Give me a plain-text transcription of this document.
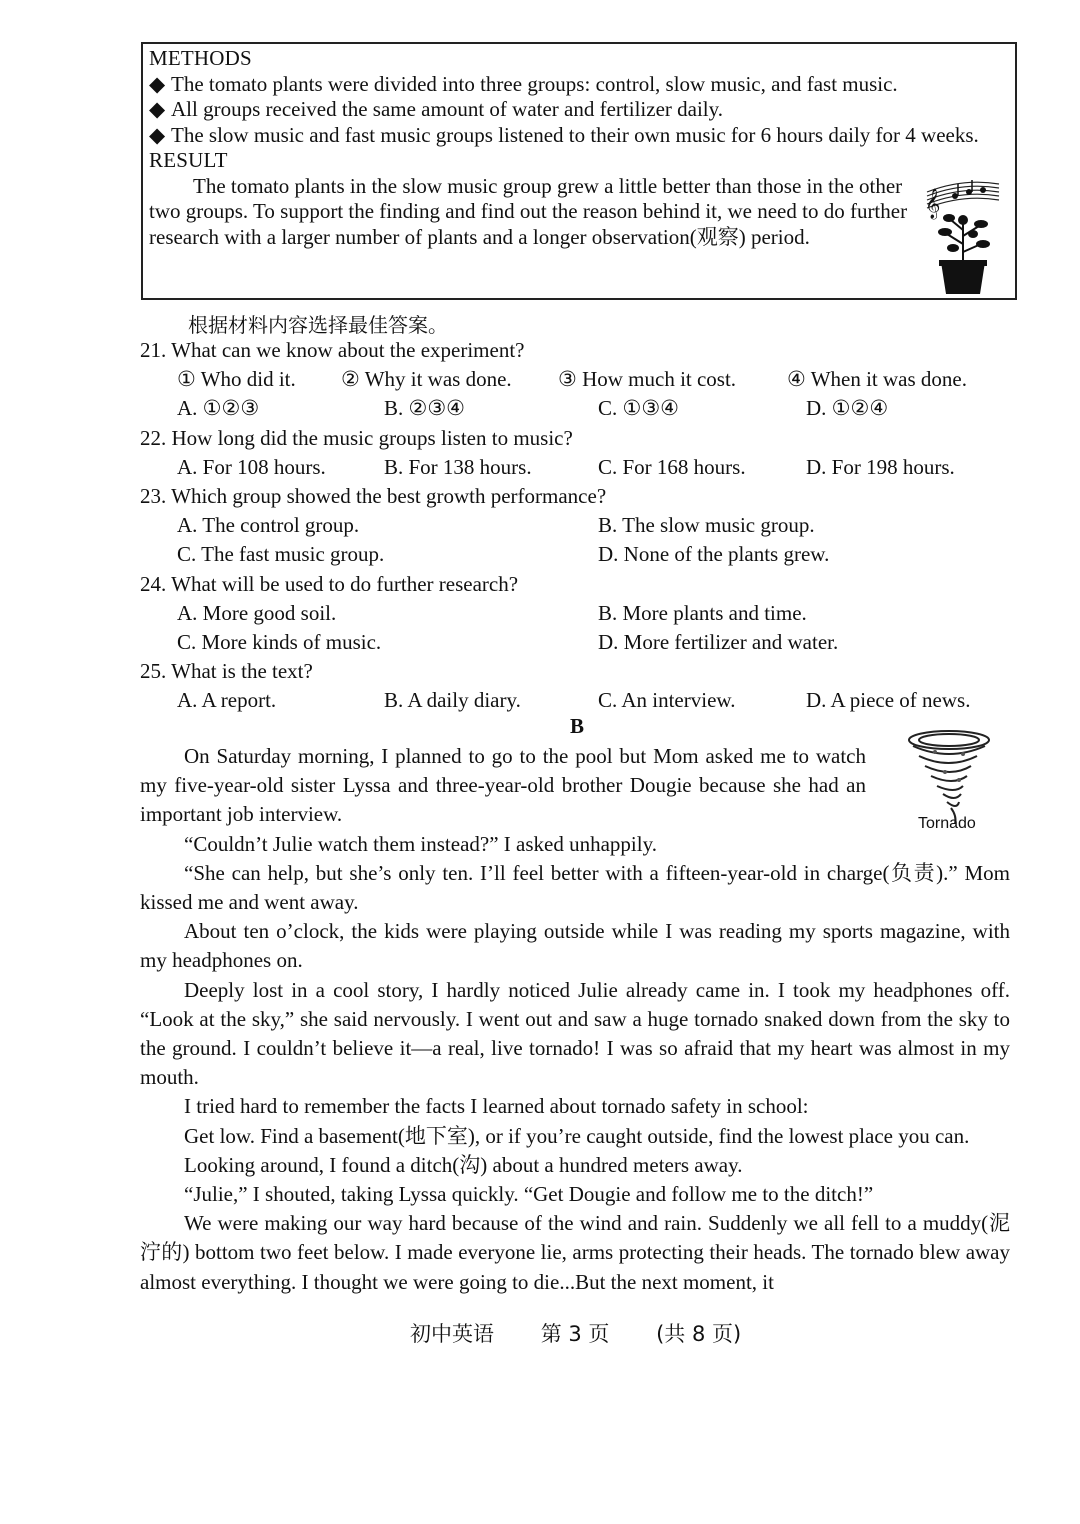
METHODS
◆ The tomato plants were divided into three groups: control, slow music, and fast music.
◆ All groups received the same amount of water and fertilizer daily.
◆ The slow music and fast music groups listened to their own music for 6 hours daily for 4 weeks.
RESULT
The tomato plants in the slow music group grew a little better than those in the other two groups. To support the finding and find out the reason behind it, we need to do further research with a larger number of plants and a longer observation(观察) period.
𝄞
根据材料内容选择最佳答案。
21. What can we know about the experiment?
① Who did it. ② Why it was done. ③ How much it cost. ④ When it was done.
A. ①②③	B. ②③④	C. ①③④	D. ①②④
22. How long did the music groups listen to music?
A. For 108 hours.	B. For 138 hours.	C. For 168 hours.	D. For 198 hours.
23. Which group showed the best growth performance?
A. The control group.	B. The slow music group.
C. The fast music group.	D. None of the plants grew.
24. What will be used to do further research?
A. More good soil.	B. More plants and time.
C. More kinds of music.	D. More fertilizer and water.
25. What is the text?
A. A report.	B. A daily diary.	C. An interview.	D. A piece of news.
B
Tornado

On Saturday morning, I planned to go to the pool but Mom asked me to watch my five-year-old sister Lyssa and three-year-old brother Dougie because she had an important job interview.

“Couldn’t Julie watch them instead?” I asked unhappily.

“She can help, but she’s only ten. I’ll feel better with a fifteen-year-old in charge(负责).” Mom kissed me and went away.

About ten o’clock, the kids were playing outside while I was reading my sports magazine, with my headphones on.

Deeply lost in a cool story, I hardly noticed Julie already came in. I took my headphones off. “Look at the sky,” she said nervously. I went out and saw a huge tornado snaked down from the sky to the ground. I couldn’t believe it—a real, live tornado! I was so afraid that my heart was almost in my mouth.

I tried hard to remember the facts I learned about tornado safety in school:

Get low. Find a basement(地下室), or if you’re caught outside, find the lowest place you can.

Looking around, I found a ditch(沟) about a hundred meters away.

“Julie,” I shouted, taking Lyssa quickly. “Get Dougie and follow me to the ditch!”

We were making our way hard because of the wind and rain. Suddenly we all fell to a muddy(泥泞的) bottom two feet below. I made everyone lie, arms protecting their heads. The tornado blew away almost everything. I thought we were going to die...But the next moment, it

初中英语 第 3 页 (共 8 页)
